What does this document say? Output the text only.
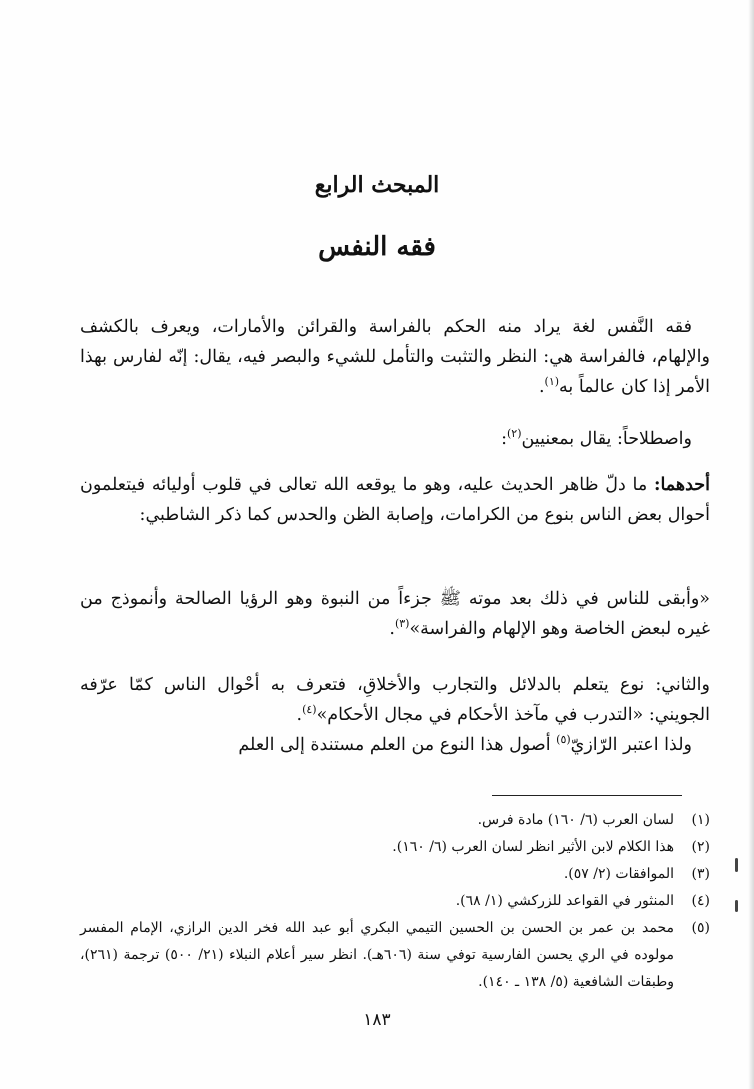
المبحث الرابع
فقه النفس

فقه النَّفس لغة يراد منه الحكم بالفراسة والقرائن والأمارات، ويعرف بالكشف والإلهام، فالفراسة هي: النظر والتثبت والتأمل للشيء والبصر فيه، يقال: إنّه لفارس بهذا الأمر إذا كان عالماً به$^{(١)}$.

واصطلاحاً: يقال بمعنيين$^{(٢)}$:

أحدهما: ما دلّ ظاهر الحديث عليه، وهو ما يوقعه الله تعالى في قلوب أوليائه فيتعلمون أحوال بعض الناس بنوع من الكرامات، وإصابة الظن والحدس كما ذكر الشاطبي:

«وأبقى للناس في ذلك بعد موته ﷺ جزءاً من النبوة وهو الرؤيا الصالحة وأنموذج من غيره لبعض الخاصة وهو الإلهام والفراسة»$^{(٣)}$.

والثاني: نوع يتعلم بالدلائل والتجارب والأخلاقِ، فتعرف به أحْوال الناس كمّا عرّفه الجويني: «التدرب في مآخذ الأحكام في مجال الأحكام»$^{(٤)}$.

ولذا اعتبر الرّازيّ$^{(٥)}$ أصول هذا النوع من العلم مستندة إلى العلم

(١)
لسان العرب (٦/ ١٦٠) مادة فرس.
(٢)
هذا الكلام لابن الأثير انظر لسان العرب (٦/ ١٦٠).
(٣)
الموافقات (٢/ ٥٧).
(٤)
المنثور في القواعد للزركشي (١/ ٦٨).
(٥)
محمد بن عمر بن الحسن بن الحسين التيمي البكري أبو عبد الله فخر الدين الرازي، الإمام المفسر مولوده في الري يحسن الفارسية توفي سنة (٦٠٦هـ). انظر سير أعلام النبلاء (٢١/ ٥٠٠) ترجمة (٢٦١)، وطبقات الشافعية (٥/ ١٣٨ ـ ١٤٠).
١٨٣
